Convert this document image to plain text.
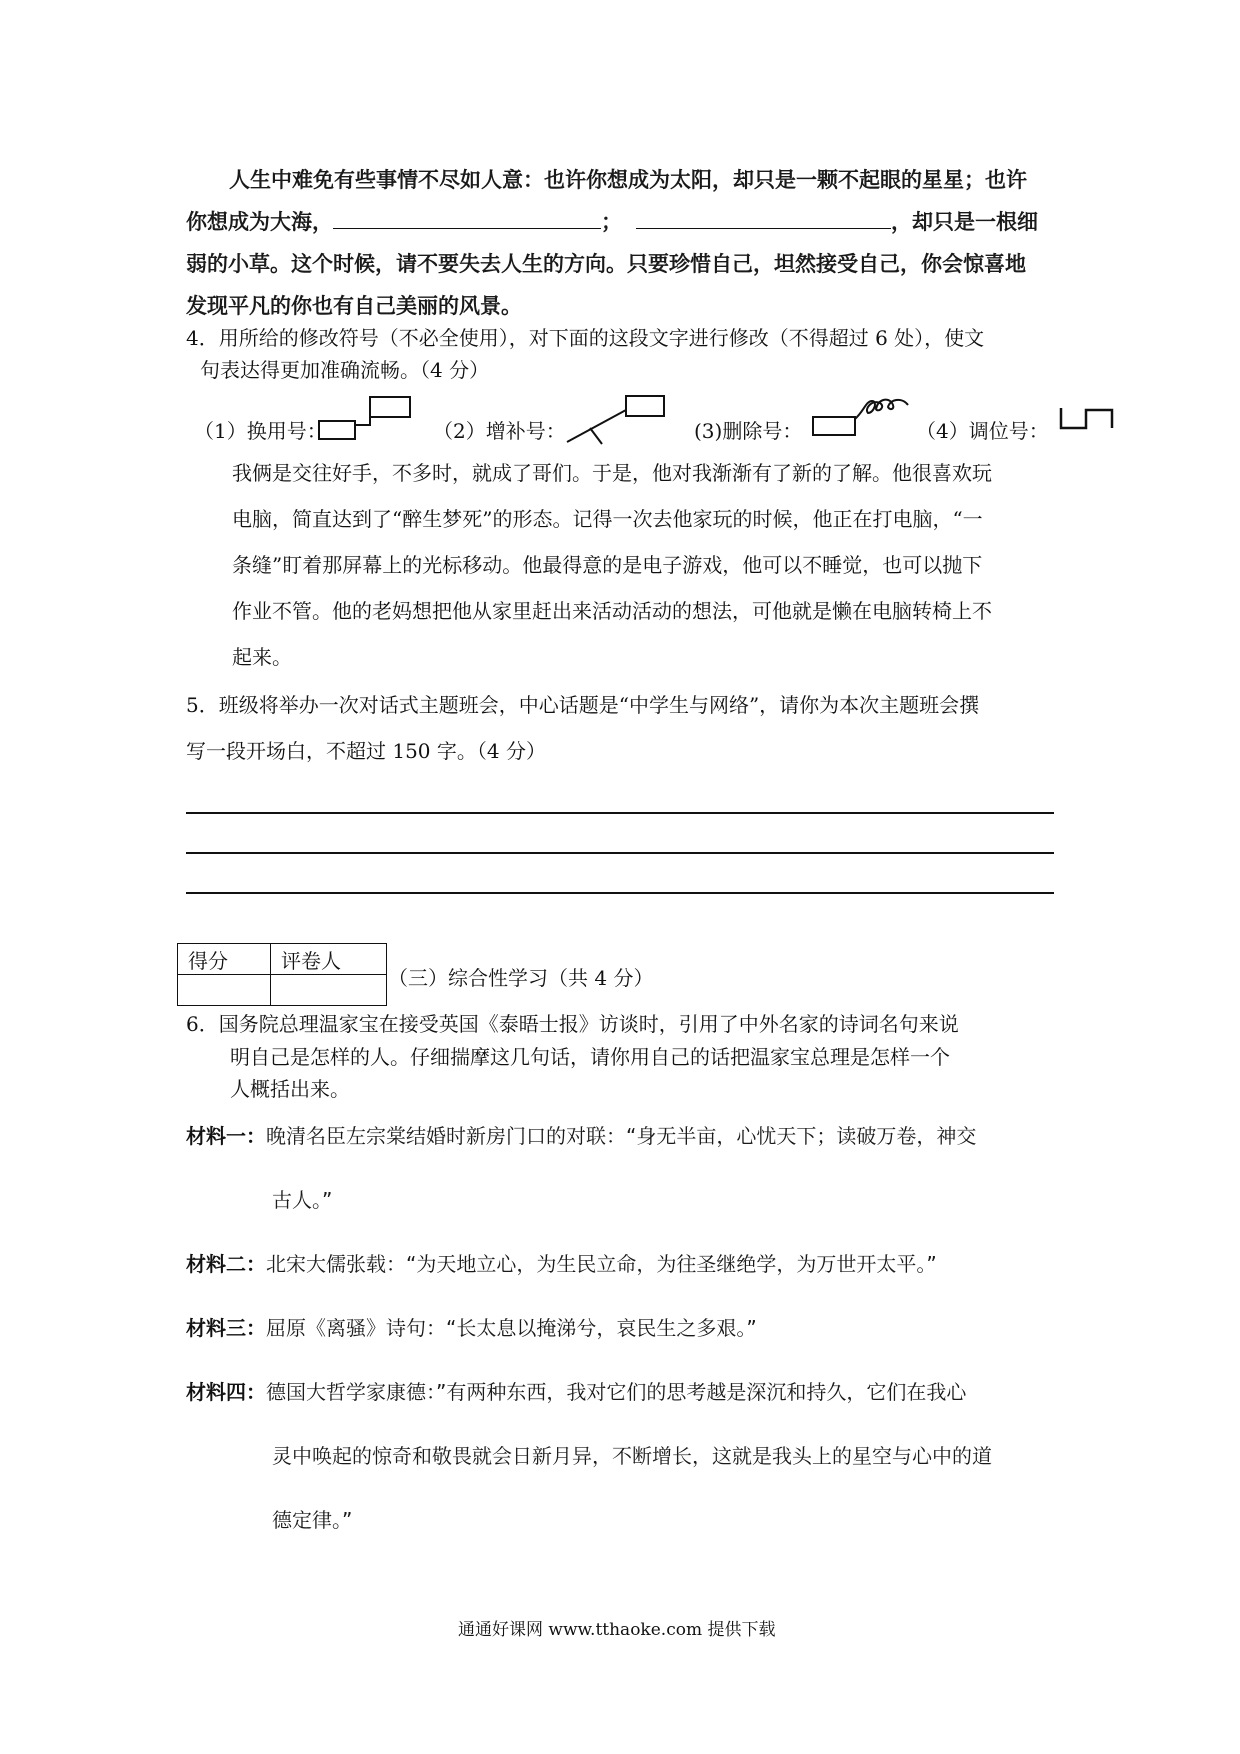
人生中难免有些事情不尽如人意：也许你想成为太阳，却只是一颗不起眼的星星；也许
你想成为大海，	；	，却只是一根细
弱的小草。这个时候，请不要失去人生的方向。只要珍惜自己，坦然接受自己，你会惊喜地
发现平凡的你也有自己美丽的风景。
4．用所给的修改符号（不必全使用），对下面的这段文字进行修改（不得超过 6 处），使文
句表达得更加准确流畅。（4 分）
（1）换用号：	（2）增补号：	(3)删除号：	（4）调位号：
我俩是交往好手，不多时，就成了哥们。于是，他对我渐渐有了新的了解。他很喜欢玩
电脑，简直达到了“醉生梦死”的形态。记得一次去他家玩的时候，他正在打电脑，“一
条缝”盯着那屏幕上的光标移动。他最得意的是电子游戏，他可以不睡觉，也可以抛下
作业不管。他的老妈想把他从家里赶出来活动活动的想法，可他就是懒在电脑转椅上不
起来。
5．班级将举办一次对话式主题班会，中心话题是“中学生与网络”，请你为本次主题班会撰
写一段开场白，不超过 150 字。（4 分）
得分	评卷人

（三）综合性学习（共 4 分）
6．国务院总理温家宝在接受英国《泰晤士报》访谈时，引用了中外名家的诗词名句来说
明自己是怎样的人。仔细揣摩这几句话，请你用自己的话把温家宝总理是怎样一个
人概括出来。
材料一：晚清名臣左宗棠结婚时新房门口的对联：“身无半亩，心忧天下；读破万卷，神交
古人。”
材料二：北宋大儒张载：“为天地立心，为生民立命，为往圣继绝学，为万世开太平。”
材料三：屈原《离骚》诗句：“长太息以掩涕兮，哀民生之多艰。”
材料四：德国大哲学家康德：”有两种东西，我对它们的思考越是深沉和持久，它们在我心
灵中唤起的惊奇和敬畏就会日新月异，不断增长，这就是我头上的星空与心中的道
德定律。”
通通好课网 www.tthaoke.com 提供下载
